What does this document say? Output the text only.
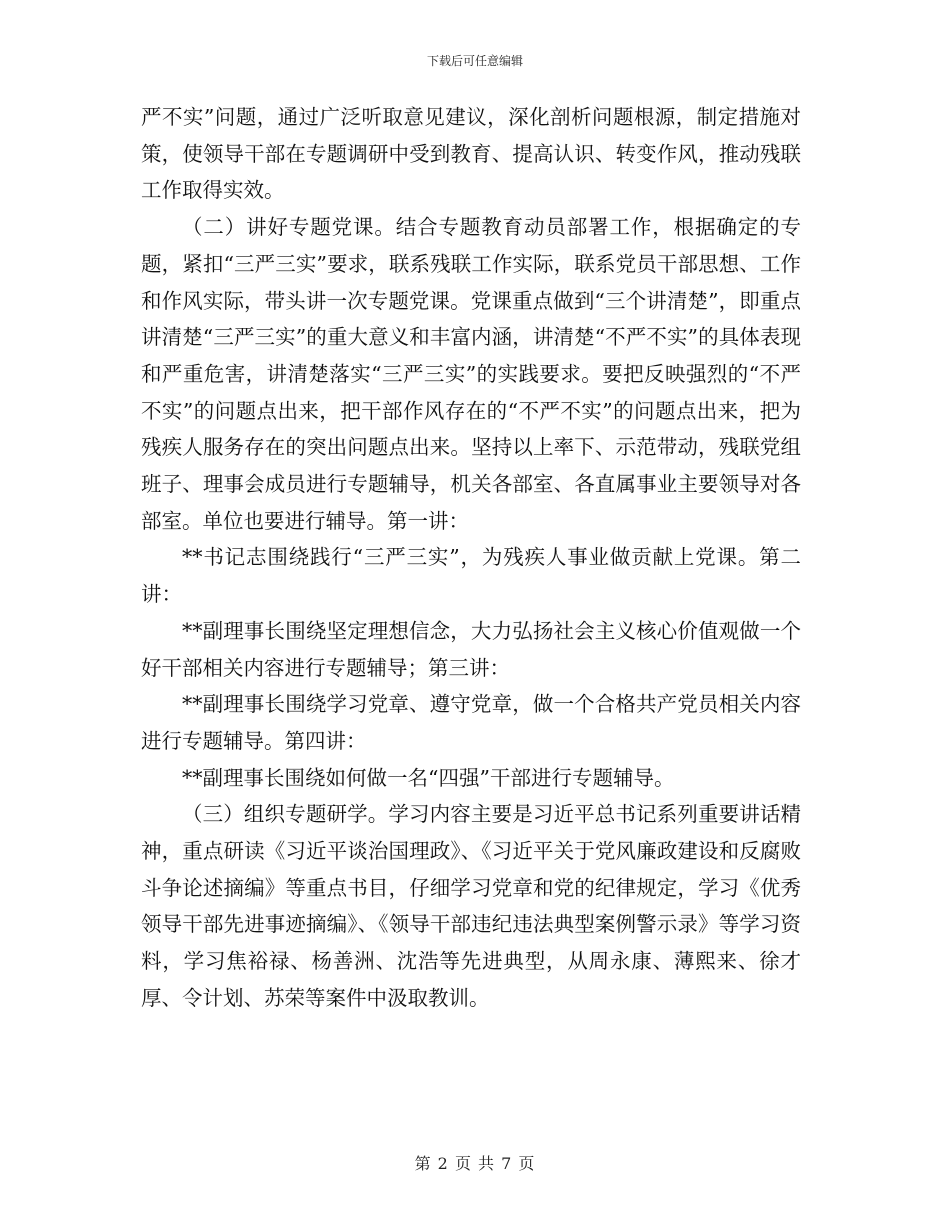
下载后可任意编辑

严不实”问题，通过广泛听取意见建议，深化剖析问题根源，制定措施对策，使领导干部在专题调研中受到教育、提高认识、转变作风，推动残联工作取得实效。

（二）讲好专题党课。结合专题教育动员部署工作，根据确定的专题，紧扣“三严三实”要求，联系残联工作实际，联系党员干部思想、工作和作风实际，带头讲一次专题党课。党课重点做到“三个讲清楚”，即重点讲清楚“三严三实”的重大意义和丰富内涵，讲清楚“不严不实”的具体表现和严重危害，讲清楚落实“三严三实”的实践要求。要把反映强烈的“不严不实”的问题点出来，把干部作风存在的“不严不实”的问题点出来，把为残疾人服务存在的突出问题点出来。坚持以上率下、示范带动，残联党组班子、理事会成员进行专题辅导，机关各部室、各直属事业主要领导对各部室。单位也要进行辅导。第一讲：

**书记志围绕践行“三严三实”，为残疾人事业做贡献上党课。第二讲：

**副理事长围绕坚定理想信念，大力弘扬社会主义核心价值观做一个好干部相关内容进行专题辅导；第三讲：

**副理事长围绕学习党章、遵守党章，做一个合格共产党员相关内容进行专题辅导。第四讲：

**副理事长围绕如何做一名“四强”干部进行专题辅导。

（三）组织专题研学。学习内容主要是习近平总书记系列重要讲话精神，重点研读《习近平谈治国理政》、《习近平关于党风廉政建设和反腐败斗争论述摘编》等重点书目，仔细学习党章和党的纪律规定，学习《优秀领导干部先进事迹摘编》、《领导干部违纪违法典型案例警示录》等学习资料，学习焦裕禄、杨善洲、沈浩等先进典型，从周永康、薄熙来、徐才厚、令计划、苏荣等案件中汲取教训。

第 2 页 共 7 页
